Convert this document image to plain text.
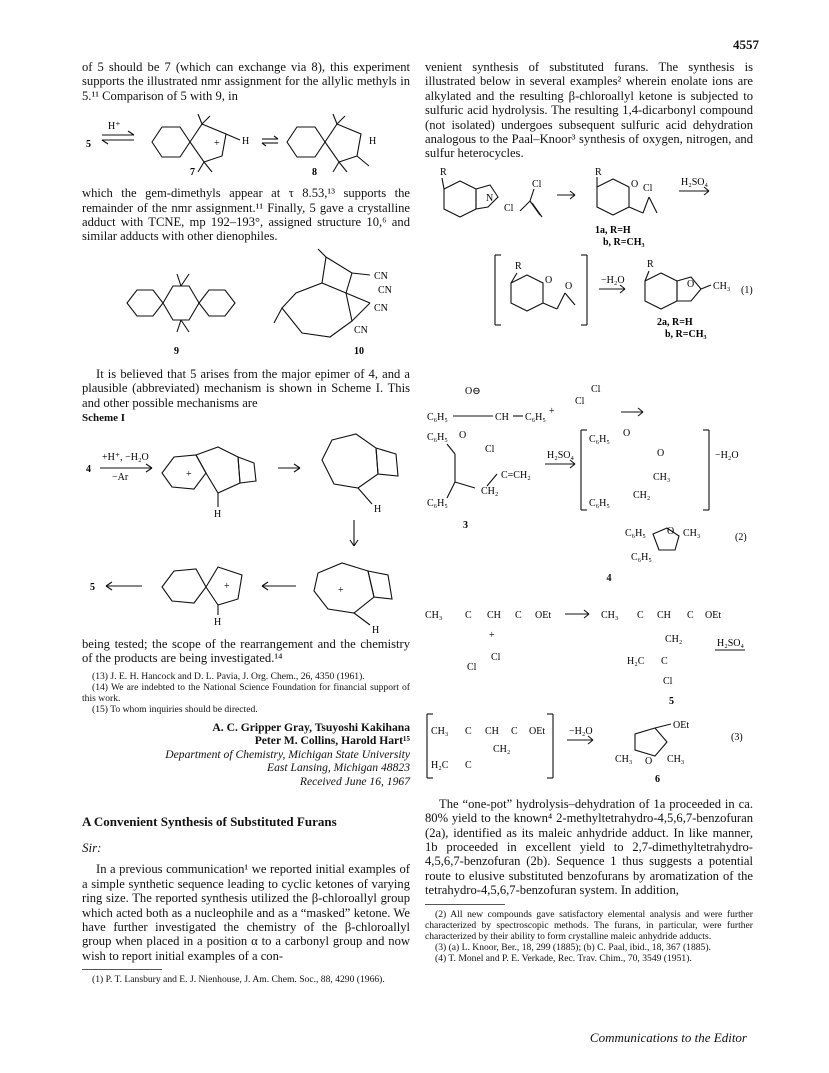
4557

of 5 should be 7 (which can exchange via 8), this experiment supports the illustrated nmr assignment for the allylic methyls in 5.¹¹ Comparison of 5 with 9, in

5
H⁺
+ H
7
H
8

which the gem-dimethyls appear at τ 8.53,¹³ supports the remainder of the nmr assignment.¹¹ Finally, 5 gave a crystalline adduct with TCNE, mp 192–193°, assigned structure 10,⁶ and similar adducts with other dienophiles.

9
CN
CN
CN
CN
10

It is believed that 5 arises from the major epimer of 4, and a plausible (abbreviated) mechanism is shown in Scheme I. This and other possible mechanisms are

Scheme I
4
+H⁺, −H₂O
−Ar
H
+
H
5
H
+
H
+

being tested; the scope of the rearrangement and the chemistry of the products are being investigated.¹⁴

(13) J. E. H. Hancock and D. L. Pavia, J. Org. Chem., 26, 4350 (1961).

(14) We are indebted to the National Science Foundation for financial support of this work.

(15) To whom inquiries should be directed.

A. C. Gripper Gray, Tsuyoshi Kakihana
Peter M. Collins, Harold Hart¹⁵
Department of Chemistry, Michigan State University
East Lansing, Michigan 48823
Received June 16, 1967
A Convenient Synthesis of Substituted Furans
Sir:

In a previous communication¹ we reported initial examples of a simple synthetic sequence leading to cyclic ketones of varying ring size. The reported synthesis utilized the β-chloroallyl group which acted both as a nucleophile and as a “masked” ketone. We have further investigated the chemistry of the β-chloroallyl group when placed in a position α to a carbonyl group and now wish to report initial examples of a con-

(1) P. T. Lansbury and E. J. Nienhouse, J. Am. Chem. Soc., 88, 4290 (1966).

venient synthesis of substituted furans. The synthesis is illustrated below in several examples² wherein enolate ions are alkylated and the resulting β-chloroallyl ketone is subjected to sulfuric acid hydrolysis. The resulting 1,4-dicarbonyl compound (not isolated) undergoes subsequent sulfuric acid dehydration analogous to the Paal–Knoor³ synthesis of oxygen, nitrogen, and sulfur heterocycles.

R
N
Cl
Cl
R
O Cl
H₂SO₄
1a, R=H
b, R=CH₃
R
O
O
−H₂O
R
O CH₃ (1)
2a, R=H
b, R=CH₃
O⊖
C₆H₅	CH C₆H₅
+
Cl
Cl
C₆H₅ O
Cl
C=CH₂
CH₂
C₆H₅
3
H₂SO₄
C₆H₅
O
O
CH₃
CH₂
C₆H₅
−H₂O
C₆H₅ O CH₃
C₆H₅
(2)
4
CH₃ C CH C OEt
+
Cl
Cl
CH₃ C CH C OEt
CH₂
H₂C C
Cl
5
H₂SO₄
CH₃ C CH C OEt
CH₂
H₂C C
−H₂O
O
CH₃	CH₃
OEt
(3)
6

The “one-pot” hydrolysis–dehydration of 1a proceeded in ca. 80% yield to the known⁴ 2-methyltetrahydro-4,5,6,7-benzofuran (2a), identified as its maleic anhydride adduct. In like manner, 1b proceeded in excellent yield to 2,7-dimethyltetrahydro-4,5,6,7-benzofuran (2b). Sequence 1 thus suggests a potential route to elusive substituted benzofurans by aromatization of the tetrahydro-4,5,6,7-benzofuran system. In addition,

(2) All new compounds gave satisfactory elemental analysis and were further characterized by spectroscopic methods. The furans, in particular, were further characterized by their ability to form crystalline maleic anhydride adducts.

(3) (a) L. Knoor, Ber., 18, 299 (1885); (b) C. Paal, ibid., 18, 367 (1885).

(4) T. Monel and P. E. Verkade, Rec. Trav. Chim., 70, 3549 (1951).

Communications to the Editor
